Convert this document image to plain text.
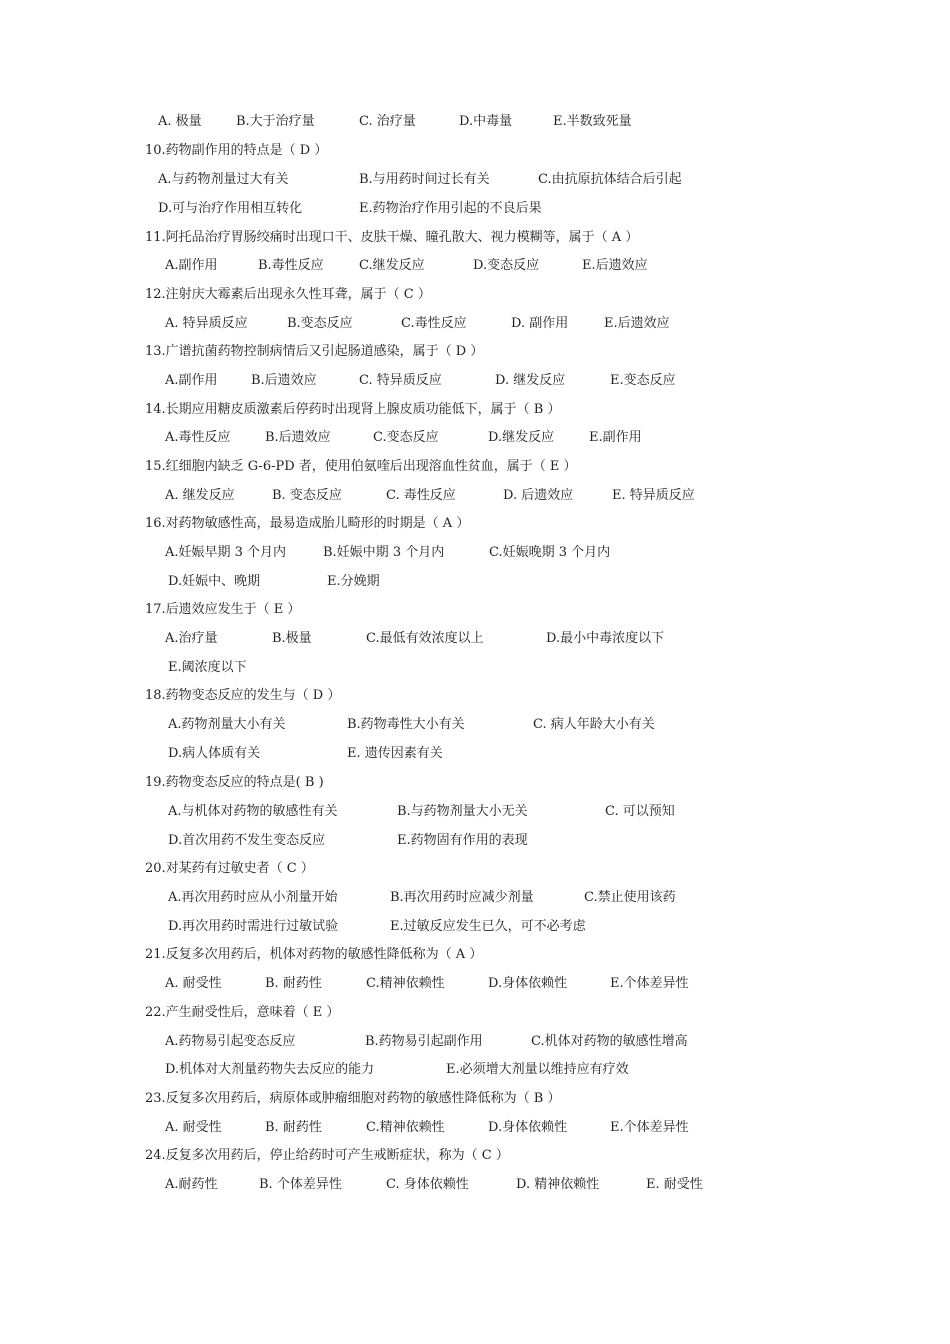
A. 极量	B.大于治疗量	C. 治疗量	D.中毒量	E.半数致死量
10.药物副作用的特点是（ D ）
A.与药物剂量过大有关	B.与用药时间过长有关	C.由抗原抗体结合后引起
D.可与治疗作用相互转化	E.药物治疗作用引起的不良后果
11.阿托品治疗胃肠绞痛时出现口干、皮肤干燥、瞳孔散大、视力模糊等，属于（ A ）
A.副作用	B.毒性反应	C.继发反应	D.变态反应	E.后遗效应
12.注射庆大霉素后出现永久性耳聋，属于（ C ）
A. 特异质反应	B.变态反应	C.毒性反应	D. 副作用	E.后遗效应
13.广谱抗菌药物控制病情后又引起肠道感染，属于（ D ）
A.副作用	B.后遗效应	C. 特异质反应	D. 继发反应	E.变态反应
14.长期应用糖皮质激素后停药时出现肾上腺皮质功能低下，属于（ B ）
A.毒性反应	B.后遗效应	C.变态反应	D.继发反应	E.副作用
15.红细胞内缺乏 G-6-PD 者，使用伯氨喹后出现溶血性贫血，属于（ E ）
A. 继发反应	B. 变态反应	C. 毒性反应	D. 后遗效应	E. 特异质反应
16.对药物敏感性高，最易造成胎儿畸形的时期是（ A ）
A.妊娠早期 3 个月内	B.妊娠中期 3 个月内	C.妊娠晚期 3 个月内
D.妊娠中、晚期	E.分娩期
17.后遗效应发生于（ E ）
A.治疗量	B.极量	C.最低有效浓度以上	D.最小中毒浓度以下
E.阈浓度以下
18.药物变态反应的发生与（ D ）
A.药物剂量大小有关	B.药物毒性大小有关	C. 病人年龄大小有关
D.病人体质有关	E. 遗传因素有关
19.药物变态反应的特点是( B )
A.与机体对药物的敏感性有关	B.与药物剂量大小无关	C. 可以预知
D.首次用药不发生变态反应	E.药物固有作用的表现
20.对某药有过敏史者（ C ）
A.再次用药时应从小剂量开始	B.再次用药时应减少剂量	C.禁止使用该药
D.再次用药时需进行过敏试验	E.过敏反应发生已久，可不必考虑
21.反复多次用药后，机体对药物的敏感性降低称为（ A ）
A. 耐受性	B. 耐药性	C.精神依赖性	D.身体依赖性	E.个体差异性
22.产生耐受性后，意味着（ E ）
A.药物易引起变态反应	B.药物易引起副作用	C.机体对药物的敏感性增高
D.机体对大剂量药物失去反应的能力	E.必须增大剂量以维持应有疗效
23.反复多次用药后，病原体或肿瘤细胞对药物的敏感性降低称为（ B ）
A. 耐受性	B. 耐药性	C.精神依赖性	D.身体依赖性	E.个体差异性
24.反复多次用药后，停止给药时可产生戒断症状，称为（ C ）
A.耐药性	B. 个体差异性	C. 身体依赖性	D. 精神依赖性	E. 耐受性
